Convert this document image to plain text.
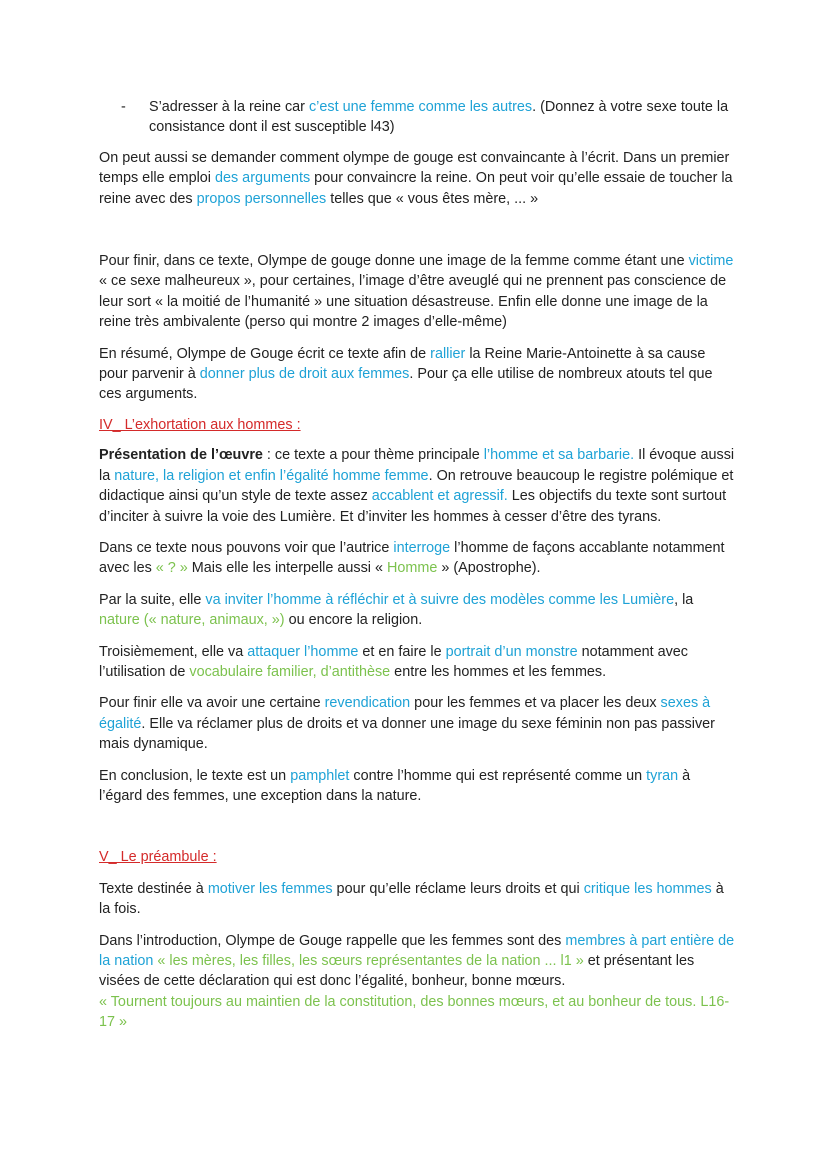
-	S’adresser à la reine car c’est une femme comme les autres. (Donnez à votre sexe toute la consistance dont il est susceptible l43)

On peut aussi se demander comment olympe de gouge est convaincante à l’écrit. Dans un premier temps elle emploi des arguments pour convaincre la reine. On peut voir qu’elle essaie de toucher la reine avec des propos personnelles telles que « vous êtes mère, ... »

Pour finir, dans ce texte, Olympe de gouge donne une image de la femme comme étant une victime « ce sexe malheureux », pour certaines, l’image d’être aveuglé qui ne prennent pas conscience de leur sort « la moitié de l’humanité » une situation désastreuse. Enfin elle donne une image de la reine très ambivalente (perso qui montre 2 images d’elle-même)

En résumé, Olympe de Gouge écrit ce texte afin de rallier la Reine Marie-Antoinette à sa cause pour parvenir à donner plus de droit aux femmes. Pour ça elle utilise de nombreux atouts tel que ces arguments.

IV_ L’exhortation aux hommes :

Présentation de l’œuvre : ce texte a pour thème principale l’homme et sa barbarie. Il évoque aussi la nature, la religion et enfin l’égalité homme femme. On retrouve beaucoup le registre polémique et didactique ainsi qu’un style de texte assez accablent et agressif. Les objectifs du texte sont surtout d’inciter à suivre la voie des Lumière. Et d’inviter les hommes à cesser d’être des tyrans.

Dans ce texte nous pouvons voir que l’autrice interroge l’homme de façons accablante notamment avec les « ? » Mais elle les interpelle aussi « Homme » (Apostrophe).

Par la suite, elle va inviter l’homme à réfléchir et à suivre des modèles comme les Lumière, la nature (« nature, animaux, ») ou encore la religion.

Troisièmement, elle va attaquer l’homme et en faire le portrait d’un monstre notamment avec l’utilisation de vocabulaire familier, d’antithèse entre les hommes et les femmes.

Pour finir elle va avoir une certaine revendication pour les femmes et va placer les deux sexes à égalité. Elle va réclamer plus de droits et va donner une image du sexe féminin non pas passiver mais dynamique.

En conclusion, le texte est un pamphlet contre l’homme qui est représenté comme un tyran à l’égard des femmes, une exception dans la nature.

V_ Le préambule :

Texte destinée à motiver les femmes pour qu’elle réclame leurs droits et qui critique les hommes à la fois.

Dans l’introduction, Olympe de Gouge rappelle que les femmes sont des membres à part entière de la nation « les mères, les filles, les sœurs représentantes de la nation ... l1 » et présentant les visées de cette déclaration qui est donc l’égalité, bonheur, bonne mœurs.
« Tournent toujours au maintien de la constitution, des bonnes mœurs, et au bonheur de tous. L16-17 »
